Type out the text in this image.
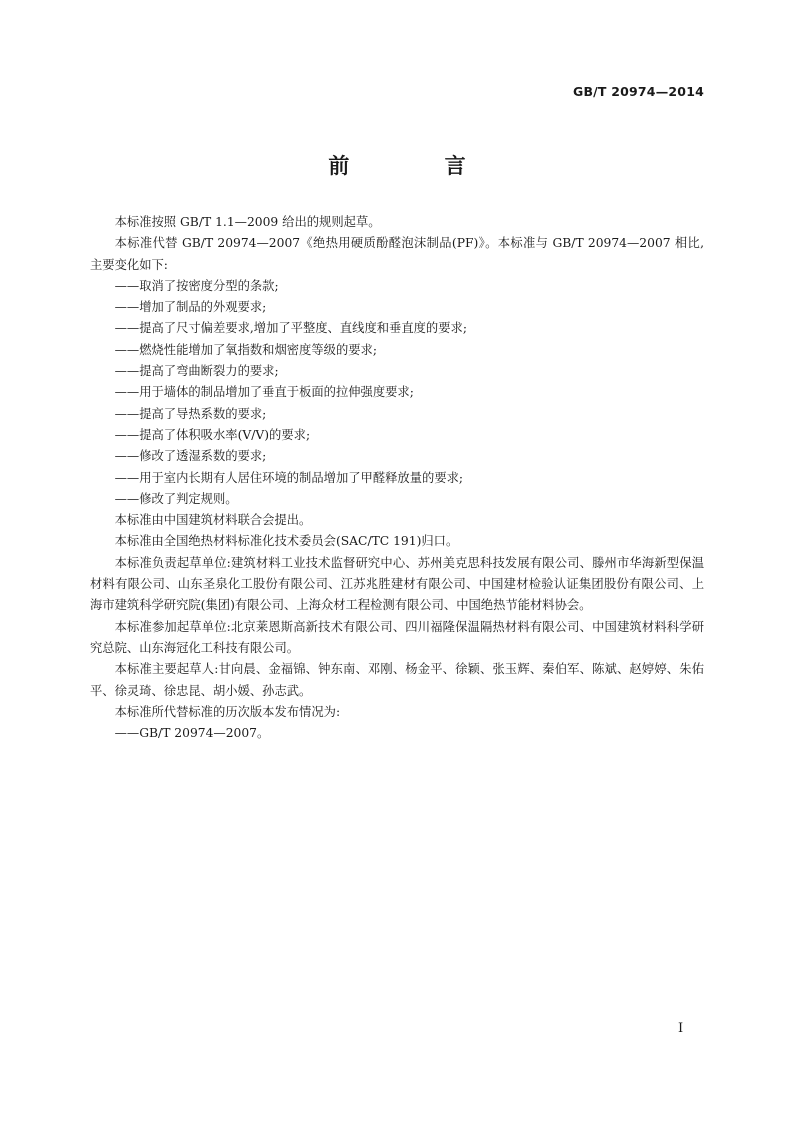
GB/T 20974—2014
前 言

本标准按照 GB/T 1.1—2009 给出的规则起草。

本标准代替 GB/T 20974—2007《绝热用硬质酚醛泡沫制品(PF)》。本标准与 GB/T 20974—2007 相比,主要变化如下:

——取消了按密度分型的条款;

——增加了制品的外观要求;

——提高了尺寸偏差要求,增加了平整度、直线度和垂直度的要求;

——燃烧性能增加了氧指数和烟密度等级的要求;

——提高了弯曲断裂力的要求;

——用于墙体的制品增加了垂直于板面的拉伸强度要求;

——提高了导热系数的要求;

——提高了体积吸水率(V/V)的要求;

——修改了透湿系数的要求;

——用于室内长期有人居住环境的制品增加了甲醛释放量的要求;

——修改了判定规则。

本标准由中国建筑材料联合会提出。

本标准由全国绝热材料标准化技术委员会(SAC/TC 191)归口。

本标准负责起草单位:建筑材料工业技术监督研究中心、苏州美克思科技发展有限公司、滕州市华海新型保温材料有限公司、山东圣泉化工股份有限公司、江苏兆胜建材有限公司、中国建材检验认证集团股份有限公司、上海市建筑科学研究院(集团)有限公司、上海众材工程检测有限公司、中国绝热节能材料协会。

本标准参加起草单位:北京莱恩斯高新技术有限公司、四川福隆保温隔热材料有限公司、中国建筑材料科学研究总院、山东海冠化工科技有限公司。

本标准主要起草人:甘向晨、金福锦、钟东南、邓刚、杨金平、徐颖、张玉辉、秦伯军、陈斌、赵婷婷、朱佑平、徐灵琦、徐忠昆、胡小媛、孙志武。

本标准所代替标准的历次版本发布情况为:

——GB/T 20974—2007。

I
